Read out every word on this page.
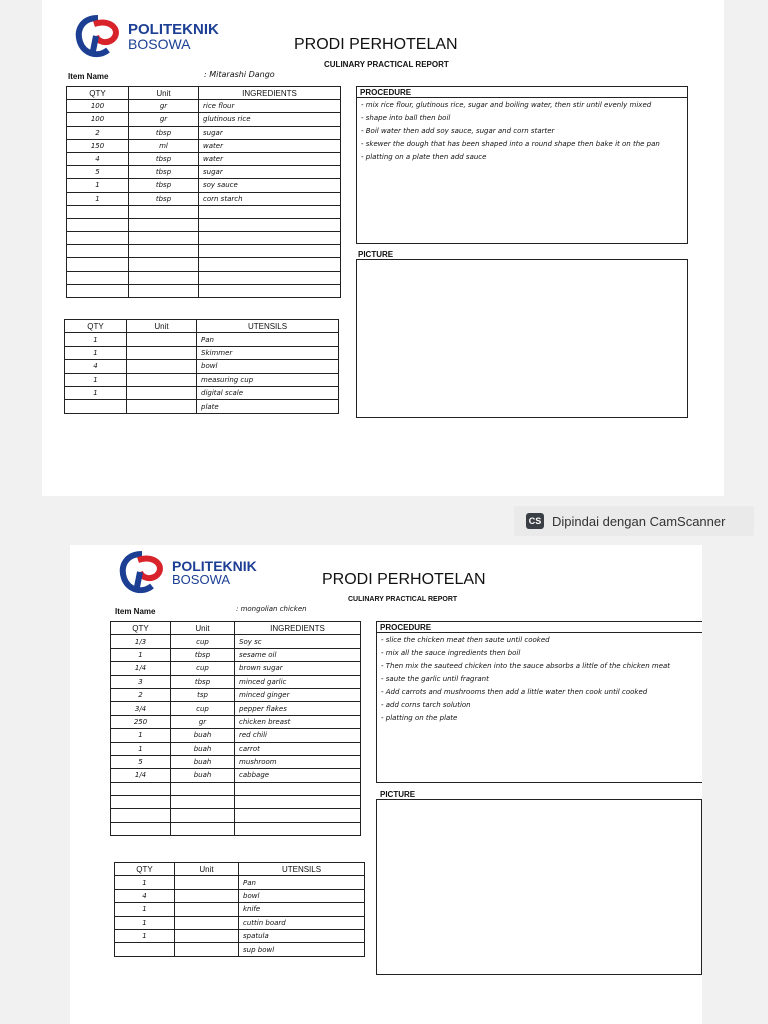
POLITEKNIK
BOSOWA	PRODI PERHOTELAN
CULINARY PRACTICAL REPORT
Item Name	: Mitarashi Dango
QTY	Unit	INGREDIENTS
100	gr	rice flour
100	gr	glutinous rice
2	tbsp	sugar
150	ml	water
4	tbsp	water
5	tbsp	sugar
1	tbsp	soy sauce
1	tbsp	corn starch

QTY	Unit	UTENSILS
1		Pan
1		Skimmer
4		bowl
1		measuring cup
1		digital scale
		plate
PROCEDURE
- mix rice flour, glutinous rice, sugar and boiling water, then stir until evenly mixed
- shape into ball then boil
- Boil water then add soy sauce, sugar and corn starter
- skewer the dough that has been shaped into a round shape then bake it on the pan
- platting on a plate then add sauce
PICTURE
CS Dipindai dengan CamScanner
POLITEKNIK
BOSOWA	PRODI PERHOTELAN
CULINARY PRACTICAL REPORT
Item Name	: mongolian chicken
QTY	Unit	INGREDIENTS
1/3	cup	Soy sc
1	tbsp	sesame oil
1/4	cup	brown sugar
3	tbsp	minced garlic
2	tsp	minced ginger
3/4	cup	pepper flakes
250	gr	chicken breast
1	buah	red chili
1	buah	carrot
5	buah	mushroom
1/4	buah	cabbage

QTY	Unit	UTENSILS
1		Pan
4		bowl
1		knife
1		cuttin board
1		spatula
		sup bowl
PROCEDURE
- slice the chicken meat then saute until cooked
- mix all the sauce ingredients then boil
- Then mix the sauteed chicken into the sauce absorbs a little of the chicken meat
- saute the garlic until fragrant
- Add carrots and mushrooms then add a little water then cook until cooked
- add corns tarch solution
- platting on the plate
PICTURE
